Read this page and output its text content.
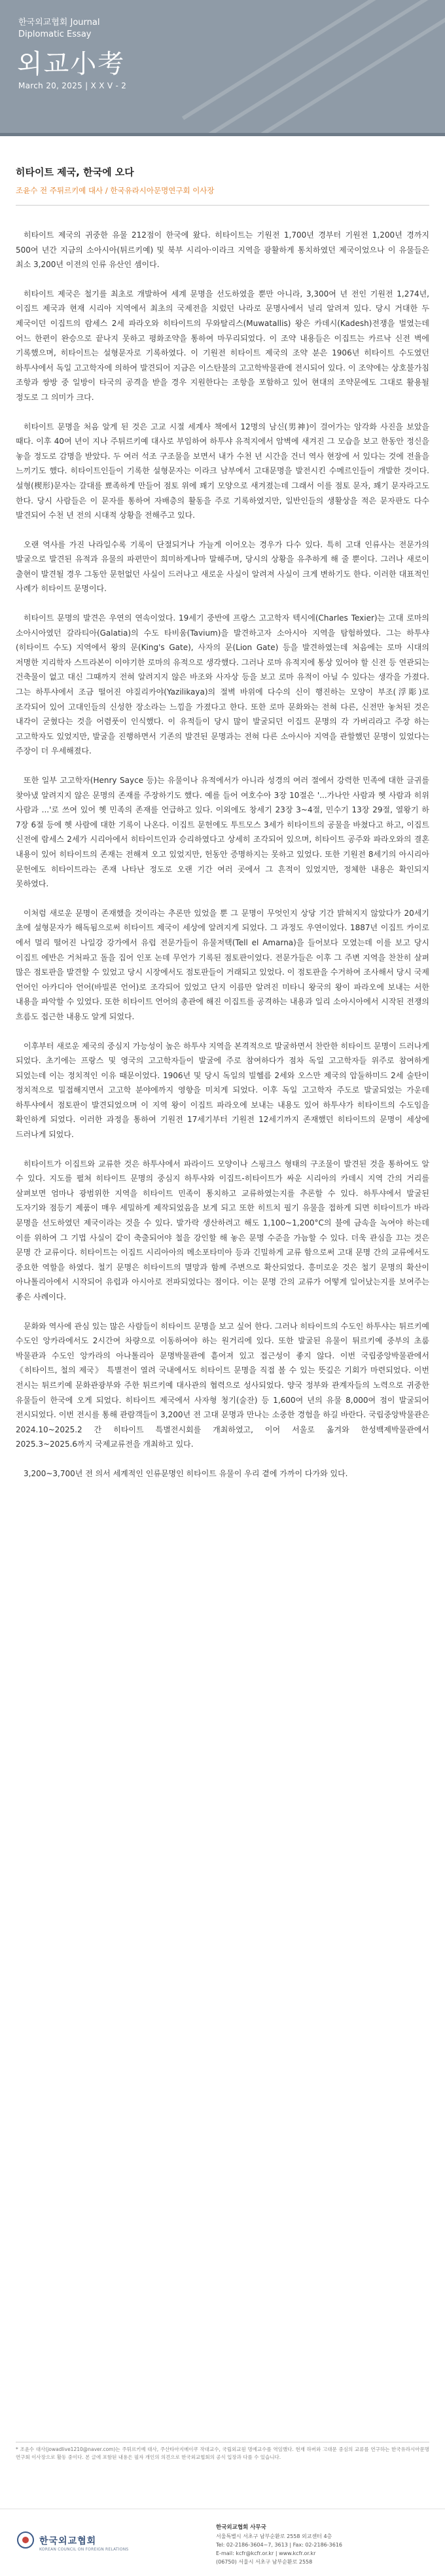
한국외교협회 Journal
Diplomatic Essay
외교小考
March 20, 2025 | X X V - 2
히타이트 제국, 한국에 오다
조윤수 전 주튀르키예 대사 / 한국유라시아문명연구회 이사장

히타이트 제국의 귀중한 유물 212점이 한국에 왔다. 히타이트는 기원전 1,700년 경부터 기원전 1,200년 경까지 500여 년간 지금의 소아시아(튀르키예) 및 북부 시리아·이라크 지역을 광활하게 통치하였던 제국이었으나 이 유물들은 최소 3,200년 이전의 인류 유산인 셈이다.

히타이트 제국은 철기를 최초로 개발하여 세계 문명을 선도하였을 뿐만 아니라, 3,300여 년 전인 기원전 1,274년, 이집트 제국과 현재 시리아 지역에서 최초의 국제전을 치렀던 나라로 문명사에서 널리 알려져 있다. 당시 거대한 두 제국이던 이집트의 람세스 2세 파라오와 히타이트의 무와탈리스(Muwatallis) 왕은 카데시(Kadesh)전쟁을 벌였는데 어느 한편이 완승으로 끝나지 못하고 평화조약을 통하여 마무리되었다. 이 조약 내용들은 이집트는 카르낙 신전 벽에 기록했으며, 히타이트는 설형문자로 기록하였다. 이 기원전 히타이트 제국의 조약 분은 1906년 히타이트 수도였던 하투샤에서 독일 고고학자에 의하여 발견되어 지금은 이스탄불의 고고학박물관에 전시되어 있다. 이 조약에는 상호불가침 조항과 쌍방 중 일방이 타국의 공격을 받을 경우 지원한다는 조항을 포함하고 있어 현대의 조약문에도 그대로 활용될 정도로 그 의미가 크다.

히타이트 문명을 처음 알게 된 것은 고교 시절 세계사 책에서 12명의 남신(男神)이 걸어가는 암각화 사진을 보았을 때다. 이후 40여 년이 지나 주튀르키예 대사로 부임하여 하투샤 유적지에서 암벽에 새겨진 그 모습을 보고 한동안 정신을 놓을 정도로 감명을 받았다. 두 여러 석조 구조물을 보면서 내가 수천 년 시간을 건너 역사 현장에 서 있다는 것에 전율을 느끼기도 했다. 히타이트인들이 기록한 설형문자는 이라크 남부에서 고대문명을 발전시킨 수메르인들이 개발한 것이다. 설형(楔形)문자는 갈대를 뾰족하게 만들어 점토 위에 꽤기 모양으로 새겨졌는데 그래서 이를 점토 문자, 꽤기 문자라고도 한다. 당시 사람들은 이 문자를 통하여 자배층의 활동을 주로 기록하였지만, 일반인들의 생활상을 적은 문자판도 다수 발견되어 수천 년 전의 시대적 상황을 전해주고 있다.

오랜 역사를 가진 나라일수록 기록이 단절되거나 가늘게 이어오는 경우가 다수 있다. 특히 고대 인류사는 전문가의 발굴으로 발견된 유적과 유물의 파편만이 희미하게나마 말해주며, 당시의 상황을 유추하게 해 줄 뿐이다. 그러나 새로이 출현이 발견될 경우 그동안 문헌없던 사실이 드러나고 새로운 사실이 알려져 사실이 크게 변하기도 한다. 이러한 대표적인 사례가 히타이트 문명이다.

히타이트 문명의 발견은 우연의 연속이었다. 19세기 중반에 프랑스 고고학자 텍시에(Charles Texier)는 고대 로마의 소아시아였던 갈라티아(Galatia)의 수도 타비움(Tavium)을 발견하고자 소아시아 지역을 탐험하였다. 그는 하투샤(히타이트 수도) 지역에서 왕의 문(King's Gate), 사자의 문(Lion Gate) 등을 발견하였는데 처음에는 로마 시대의 저명한 지리학자 스트라본이 이야기한 로마의 유적으로 생각했다. 그러나 로마 유적지에 통상 있어야 할 신전 등 연관되는 건축물이 없고 대신 그때까지 전혀 알려지지 않은 바조와 사자상 등을 보고 로마 유적이 아닐 수 있다는 생각을 가졌다. 그는 하투샤에서 조금 떨어진 야질리카야(Yazilikaya)의 절벽 바위에 다수의 신이 행진하는 모양이 부조(浮彫)로 조각되어 있어 고대인들의 신성한 장소라는 느낌을 가졌다고 한다. 또한 로마 문화와는 전혀 다른, 신전만 놓처된 것은 내각이 굳혔다는 것을 어렴풋이 인식했다. 이 유적들이 당시 많이 발굴되던 이집트 문명의 각 가버리라고 주장 하는 고고학자도 있었지만, 발굴을 진행하면서 기존의 발견된 문명과는 전혀 다른 소아시아 지역을 관할했던 문명이 있었다는 주장이 더 우세해졌다.

또한 일부 고고학자(Henry Sayce 등)는 유물이나 유적에서가 아니라 성경의 여러 절에서 강력한 민족에 대한 글귀를 찾아냈 알려지지 않은 문명의 존재를 주장하기도 했다. 예를 들어 여호수아 3장 10절은 '...가나안 사람과 헷 사람과 히위 사람과 ...'로 쓰여 있어 헷 민족의 존재를 언급하고 있다. 이외에도 창세기 23장 3~4절, 민수기 13장 29절, 열왕기 하 7장 6절 등에 헷 사람에 대한 기록이 나온다. 이집트 문헌에도 투트모스 3세가 히타이트의 공물을 바쳤다고 하고, 이집트 신전에 람세스 2세가 시리아에서 히타이트인과 승리하였다고 상세히 조각되어 있으며, 히타이트 공주와 파라오와의 결혼 내용이 있어 히타이트의 존재는 전해져 오고 있었지만, 헌동안 증명하지는 못하고 있었다. 또한 기원전 8세기의 아시리아 문헌에도 히타이트라는 존재 나타난 정도로 오랜 기간 여러 곳에서 그 흔적이 있었지만, 정체한 내용은 확인되지 못하였다.

이처럼 새로운 문명이 존재했을 것이라는 추론만 있었을 뿐 그 문명이 무엇인지 상당 기간 밝혀지지 않았다가 20세기 초에 설형문자가 해독됨으로써 히타이트 제국이 세상에 알려지게 되었다. 그 과정도 우연이었다. 1887년 이집트 카이로 에서 멀리 떨어진 나일강 강가에서 유럽 전문가들이 유물저택(Tell el Amarna)을 들어보다 모였는데 이를 보고 당시 이집트 에반은 거처파고 돌을 집어 인포 논데 무언가 기록된 점토판이었다. 전문가들은 이후 그 주변 지역을 찬찬히 살펴 많은 점토판을 발견할 수 있었고 당시 시장에서도 점토판들이 거래되고 있었다. 이 점토판을 수거하여 조사해서 당시 국제 언어인 아카디아 언어(바빌론 언어)로 조각되어 있었고 단지 이름만 알려진 미타니 왕국의 왕이 파라오에 보내는 서한 내용을 파악할 수 있었다. 또한 히타이트 언어의 총관에 해진 이집트를 공격하는 내용과 일리 소아시아에서 시작된 전쟁의 흐름도 접근한 내용도 알게 되었다.

이후부터 새로운 제국의 중심지 가능성이 높은 하투샤 지역을 본격적으로 발굴하면서 찬란한 히타이트 문명이 드러나게 되었다. 초기에는 프랑스 및 영국의 고고학자들이 발굴에 주로 참여하다가 점차 독일 고고학자들 위주로 참여하게 되었는데 이는 정치적인 이유 때문이었다. 1906년 및 당시 독일의 빌헬름 2세와 오스만 제국의 압둘하미드 2세 술탄이 정치적으로 밀접해지면서 고고학 분야에까지 영향을 미치게 되었다. 이후 독일 고고학자 주도로 발굴되었는 가운데 하투샤에서 점토판이 발견되었으며 이 지역 왕이 이집트 파라오에 보내는 내용도 있어 하투샤가 히타이트의 수도임을 확인하게 되었다. 이러한 과정을 통하여 기원전 17세기부터 기원전 12세기까지 존재했던 히타이트의 문명이 세상에 드러나게 되었다.

히타이트가 이집트와 교류한 것은 하투샤에서 파라이드 모양이나 스핑크스 형태의 구조물이 발견된 것을 통하여도 알 수 있다. 지도를 펼쳐 히타이트 문명의 중심지 하투샤와 이집트-히타이트가 싸운 시리아의 카데시 지역 간의 거리를 살펴보면 엄마나 광범위한 지역을 히타이트 민족이 통치하고 교류하였는지를 추론할 수 있다. 하투샤에서 발굴된 도자기와 점등기 제품이 매우 세밀하게 제작되었음을 보게 되고 또한 히트치 필기 유물을 접하게 되면 히타이트가 바라 문명을 선도하였던 제국이라는 것을 수 있다. 발가락 생산하려고 해도 1,100~1,200°C의 불에 금속을 녹여야 하는데 이를 위하여 그 기법 사실이 같이 축출되어야 철을 강인할 해 놓은 문명 수준을 가늠할 수 있다. 더욱 관심을 끄는 것은 문명 간 교류이다. 히타이트는 이집트 시리아아의 메소포타미아 등과 긴밀하게 교류 함으로써 고대 문명 간의 교류에서도 중요한 역할을 하였다. 철기 문명은 히타이트의 멸망과 함께 주변으로 확산되었다. 흥미로운 것은 철기 문명의 확산이 아나톨리아에서 시작되어 유럽과 아시아로 전파되었다는 점이다. 이는 문명 간의 교류가 어떻게 일어났는지를 보여주는 좋은 사례이다.

문화와 역사에 관심 있는 많은 사람들이 히타이트 문명을 보고 싶어 한다. 그러나 히타이트의 수도인 하투샤는 튀르키예 수도인 앙카라에서도 2시간여 차량으로 이동하여야 하는 원거리에 있다. 또한 발굴된 유물이 튀르키예 중부의 초룸 박물관과 수도인 앙카라의 아나톨리아 문명박물관에 흩어져 있고 접근성이 좋지 않다. 이번 국립중앙박물관에서 《히타이트, 철의 제국》 특별전이 열려 국내에서도 히타이트 문명을 직접 볼 수 있는 뜻깊은 기회가 마련되었다. 이번 전시는 튀르키예 문화관광부와 주한 튀르키예 대사관의 협력으로 성사되었다. 양국 정부와 관계자들의 노력으로 귀중한 유물들이 한국에 오게 되었다. 히타이트 제국에서 사자형 청기(술잔) 등 1,600여 년의 유물 8,000여 점이 발굴되어 전시되었다. 이번 전시를 통해 관람객들이 3,200년 전 고대 문명과 만나는 소중한 경험을 하길 바란다. 국립중앙박물관은 2024.10~2025.2 간 히타이트 특별전시회를 개최하였고, 이어 서울로 옮겨와 한성백제박물관에서 2025.3~2025.6까지 국제교류전을 개최하고 있다.

3,200~3,700년 전 의서 세계적인 인류문명인 히타이트 유물이 우리 곁에 가까이 다가와 있다.

* 조윤수 대사(jowadlive1210@naver.com)는 주튀르키예 대사, 주산타아지메이쿠 작대교수, 국립외교원 명예교수를 역임했다. 현재 하버와 고대문 중심의 교류를 연구하는 한국유라시아문명연구회 이사장으로 활동 중이다. 본 글에 포함된 내용은 필자 개인의 의견으로 한국외교협회의 공식 입장과 다를 수 있습니다.
한국외교협회
KOREAN COUNCIL ON FOREIGN RELATIONS
한국외교협회 사무국
서울특별시 서초구 남부순환로 2558 외교센터 4층
Tel: 02-2186-3604~7, 3613 | Fax: 02-2186-3616
E-mail: kcfr@kcfr.or.kr | www.kcfr.or.kr
(06750) 서울시 서초구 남부순환로 2558
